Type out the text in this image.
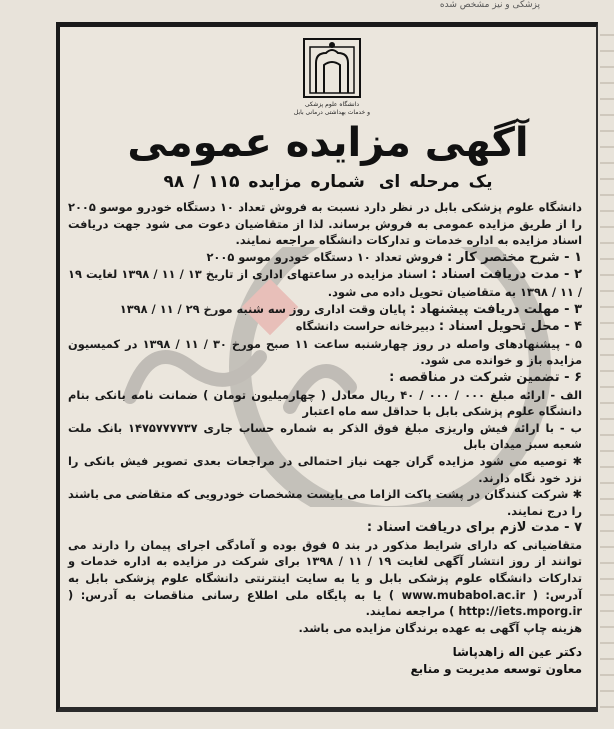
پزشکی و نیز مشخص شده
دانشگاه علوم پزشکی
و خدمات بهداشتی درمانی بابل
آگهی مزایده عمومی
یک مرحله ایشماره مزایده ۱۱۵ / ۹۸

دانشگاه علوم پزشکی بابل در نظر دارد نسبت به فروش تعداد ۱۰ دستگاه خودرو موسو ۲۰۰۵ را از طریق مزایده عمومی به فروش برساند. لذا از متقاضیان دعوت می شود جهت دریافت اسناد مزایده به اداره خدمات و تدارکات دانشگاه مراجعه نمایند.

۱ - شرح مختصر کار : فروش تعداد ۱۰ دستگاه خودرو موسو ۲۰۰۵

۲ - مدت دریافت اسناد : اسناد مزایده در ساعتهای اداری از تاریخ ۱۳ / ۱۱ / ۱۳۹۸ لغایت ۱۹ / ۱۱ / ۱۳۹۸ به متقاضیان تحویل داده می شود.

۳ - مهلت دریافت پیشنهاد : پایان وقت اداری روز سه شنبه مورخ ۲۹ / ۱۱ / ۱۳۹۸

۴ - محل تحویل اسناد : دبیرخانه حراست دانشگاه

۵ - پیشنهادهای واصله در روز چهارشنبه ساعت ۱۱ صبح مورخ ۳۰ / ۱۱ / ۱۳۹۸ در کمیسیون مزایده باز و خوانده می شود.

۶ - تضمین شرکت در مناقصه :

الف - ارائه مبلغ ۰۰۰ / ۰۰۰ / ۴۰ ریال معادل ( چهارمیلیون تومان ) ضمانت نامه بانکی بنام دانشگاه علوم پزشکی بابل با حداقل سه ماه اعتبار

ب - با ارائه فیش واریزی مبلغ فوق الذکر به شماره حساب جاری ۱۴۷۵۷۷۷۷۳۷ بانک ملت شعبه سبز میدان بابل

✱ توصیه می شود مزایده گران جهت نیاز احتمالی در مراجعات بعدی تصویر فیش بانکی را نزد خود نگاه دارند.

✱ شرکت کنندگان در پشت پاکت الزاما می بایست مشخصات خودرویی که متقاضی می باشند را درج نمایند.

۷ - مدت لازم برای دریافت اسناد :

متقاضیانی که دارای شرایط مذکور در بند ۵ فوق بوده و آمادگی اجرای پیمان را دارند می توانند از روز انتشار آگهی لغایت ۱۹ / ۱۱ / ۱۳۹۸ برای شرکت در مزایده به اداره خدمات و تدارکات دانشگاه علوم پزشکی بابل و یا به سایت اینترنتی دانشگاه علوم پزشکی بابل به آدرس: ( www.mubabol.ac.ir ) یا به پایگاه ملی اطلاع رسانی مناقصات به آدرس: ( http://iets.mporg.ir ) مراجعه نمایند.

هزینه چاپ آگهی به عهده برندگان مزایده می باشد.

دکتر عین اله زاهدپاشا
معاون توسعه مدیریت و منابع
